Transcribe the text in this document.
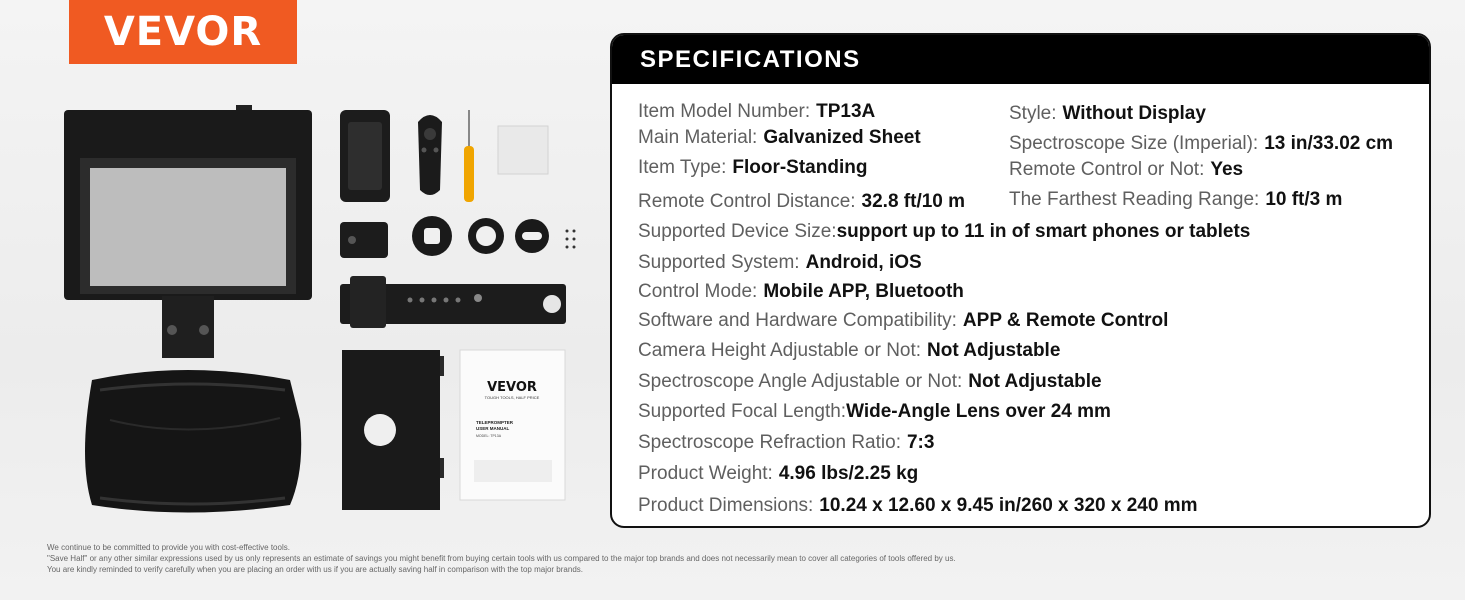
VEVOR
VEVOR
TOUGH TOOLS, HALF PRICE
TELEPROMPTER
USER MANUAL
MODEL: TP13A
SPECIFICATIONS
Item Model Number: TP13A	Style: Without Display
Main Material: Galvanized Sheet	Spectroscope Size (Imperial): 13 in/33.02 cm
Item Type: Floor-Standing	Remote Control or Not: Yes
Remote Control Distance: 32.8 ft/10 m The Farthest Reading Range: 10 ft/3 m
Supported Device Size:support up to 11 in of smart phones or tablets
Supported System: Android, iOS
Control Mode: Mobile APP, Bluetooth
Software and Hardware Compatibility: APP & Remote Control
Camera Height Adjustable or Not: Not Adjustable
Spectroscope Angle Adjustable or Not: Not Adjustable
Supported Focal Length:Wide-Angle Lens over 24 mm
Spectroscope Refraction Ratio: 7:3
Product Weight: 4.96 lbs/2.25 kg
Product Dimensions: 10.24 x 12.60 x 9.45 in/260 x 320 x 240 mm
We continue to be committed to provide you with cost-effective tools.
"Save Half" or any other similar expressions used by us only represents an estimate of savings you might benefit from buying certain tools with us compared to the major top brands and does not necessarily mean to cover all categories of tools offered by us.
You are kindly reminded to verify carefully when you are placing an order with us if you are actually saving half in comparison with the top major brands.
